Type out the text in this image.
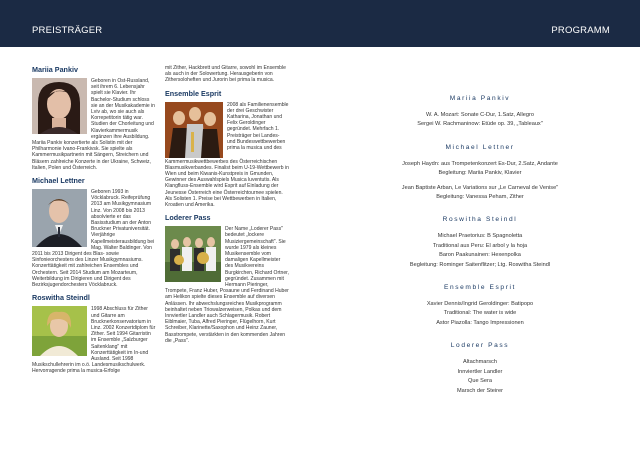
PREISTRÄGER	PROGRAMM
Mariia Pankiv
Geboren in Ost-Russland, seit ihrem 6. Lebensjahr spielt sie Klavier. Ihr Bachelor-Studium schloss sie an der Musikakademie in Lviv ab, wo sie auch als Korrepetitorin tätig war. Studien der Chorleitung und Klavierkammermusik ergänzen ihre Ausbildung. Mariia Pankiv konzertierte als Solistin mit der Philharmonie Ivano-Frankivsk. Sie spielte als Kammermusikpartnerin mit Sängern, Streichern und Bläsern zahlreiche Konzerte in der Ukraine, Schweiz, Italien, Polen und Österreich.
Michael Lettner
Geboren 1993 in Vöcklabruck. Reifeprüfung 2013 am Musikgymnasium Linz. Von 2008 bis 2013 absolvierte er das Basisstudium an der Anton Bruckner Privatuniversität. Vierjährige Kapellmeisterausbildung bei Mag. Walter Baldinger. Von 2011 bis 2013 Dirigent des Blas- sowie Sinfonieorchesters des Linzer Musikgymnasiums. Konzerttätigkeit mit zahlreichen Ensembles und Orchestern. Seit 2014 Studium am Mozarteum, Weiterbildung im Dirigieren und Dirigent des Bezirksjugendorchesters Vöcklabruck.
Roswitha Steindl
1998 Abschluss für Zither und Gitarre am Brucknerkonservatorium in Linz. 2002 Konzertdiplom für Zither. Seit 1994 Gitarristin im Ensemble „Salzburger Saitenklang" mit Konzerttätigkeit im In-und Ausland. Seit 1998 Musikschullehrerin im o.ö. Landesmusikschulwerk. Hervorragende prima la musica-Erfolge
mit Zither, Hackbrett und Gitarre, sowohl im Ensemble als auch in der Solowertung. Herausgeberin von Zithersoloheften und Jurorin bei prima la musica.
Ensemble Esprit
2008 als Familienensemble der drei Geschwister Katharina, Jonathan und Felix Geroldinger gegründet. Mehrfach 1. Preisträger bei Landes- und Bundeswettbewerben prima la musica und des Kammermusikwettbewerbes des Österreichischen Blasmusikverbandes. Finalist beim U-19-Wettbewerb in Wien und beim Kiwanis-Kunstpreis in Gmunden, Gewinner des Auswahlspiels Musica luventutis. Als Klangfluss-Ensemble wird Esprit auf Einladung der Jeunesse Österreich eine Österreichtournee spielen. Als Solisten 1. Preise bei Wettbewerben in Italien, Kroatien und Amerika.
Loderer Pass
Der Name „Loderer Pass" bedeutet „lockere Musiziergemeinschaft". Sie wurde 1979 als kleines Musikensemble vom damaligen Kapellmeister des Musikvereins Burgkirchen, Richard Ortner, gegründet. Zusammen mit Hermann Pieringer, Trompete, Franz Huber, Posaune und Ferdinand Huber am Helikon spielte dieses Ensemble auf diversen Anlässen. Ihr abwechslungsreiches Musikprogramm beinhaltet neben Triowalzerweisen, Polkas und dem Innviertler Landler auch Schlagermusik. Robert Eiblmaier, Tuba, Alfred Pieringer, Flügelhorn, Kurt Schreiber, Klarinette/Saxophon und Heinz Zauner, Basstrompete, verstärkten in den kommenden Jahren die „Pass".
Mariia Pankiv
W. A. Mozart: Sonate C-Dur, 1.Satz, Allegro
Sergei W. Rachmaninow: Etüde op. 39, „Tableaux"
Michael Lettner
Joseph Haydn: aus Trompetenkonzert Es-Dur, 2.Satz, Andante
Begleitung: Mariia Pankiv, Klavier
Jean Baptiste Arban, Le Variations sur „Le Carneval de Venise"
Begleitung: Vanessa Peham, Zither
Roswitha Steindl
Michael Praetorius: B Spagnoletta
Traditional aus Peru: El arbol y la hoja
Baron Paakunainen: Hexenpolka
Begleitung: Rominger Saitenflitzer; Ltg. Roswitha Steindl
Ensemble Esprit
Xavier Dennis/Ingrid Geroldinger: Batipopo
Traditional: The water is wide
Astor Piazolla: Tango Impressionen
Loderer Pass
Altachmarsch
Innviertler Landler
Que Sera
Marsch der Steirer
